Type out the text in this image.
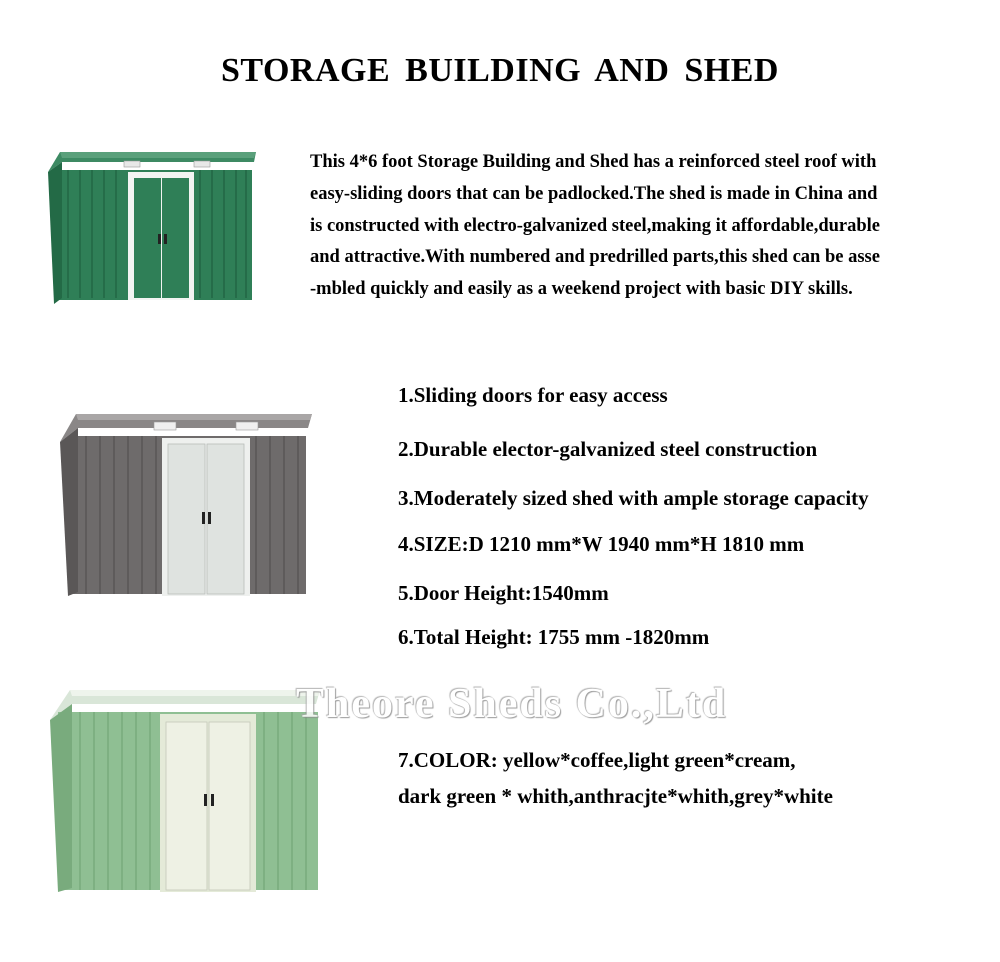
STORAGE BUILDING AND SHED
This 4*6 foot Storage Building and Shed has a reinforced steel roof with
easy-sliding doors that can be padlocked.The shed is made in China and
is constructed with electro-galvanized steel,making it affordable,durable
and attractive.With numbered and predrilled parts,this shed can be asse
-mbled quickly and easily as a weekend project with basic DIY skills.
1.Sliding doors for easy access
2.Durable elector-galvanized steel construction
3.Moderately sized shed with ample storage capacity
4.SIZE:D 1210 mm*W 1940 mm*H 1810 mm
5.Door Height:1540mm
6.Total Height: 1755 mm -1820mm
Theore Sheds Co.,Ltd
7.COLOR: yellow*coffee,light green*cream,
dark green * whith,anthracjte*whith,grey*white
